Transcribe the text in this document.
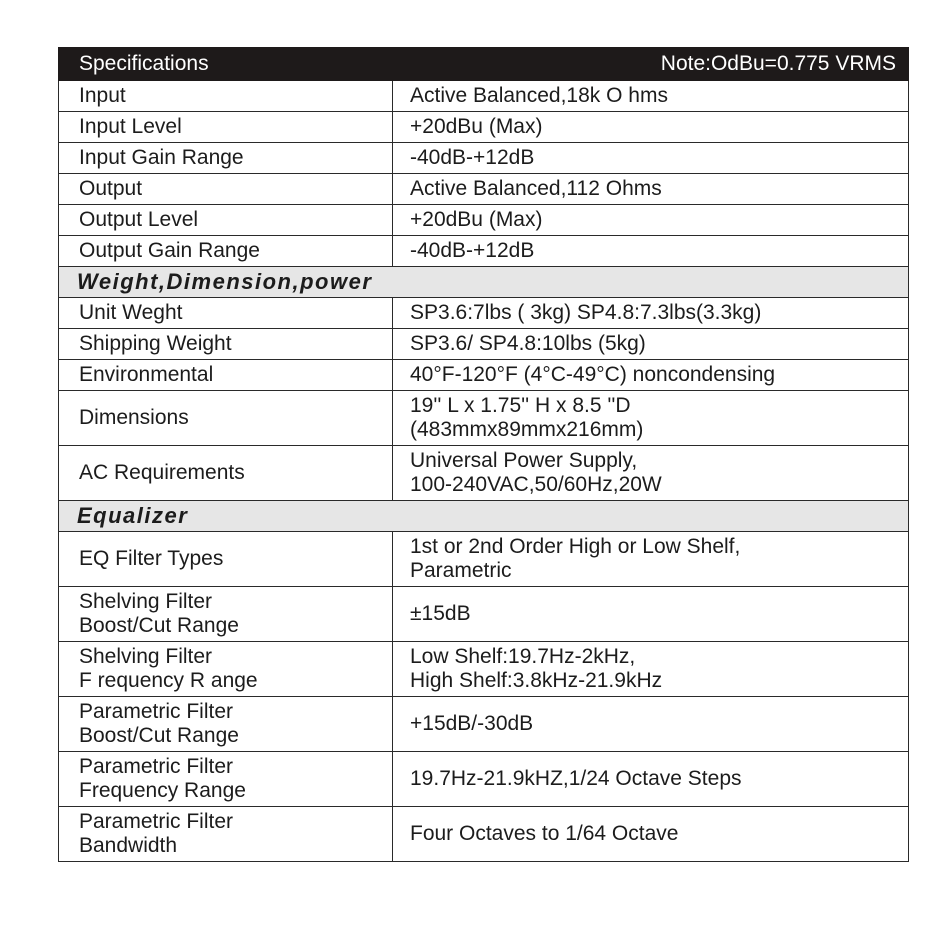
Specifications	Note:OdBu=0.775 VRMS
Input	Active Balanced,18k O hms
Input Level	+20dBu (Max)
Input Gain Range	-40dB-+12dB
Output	Active Balanced,112 Ohms
Output Level	+20dBu (Max)
Output Gain Range	-40dB-+12dB
Weight,Dimension,power	
Unit Weght	SP3.6:7lbs ( 3kg) SP4.8:7.3lbs(3.3kg)
Shipping Weight	SP3.6/ SP4.8:10lbs (5kg)
Environmental	40°F-120°F (4°C-49°C) noncondensing
Dimensions	19'' L x 1.75'' H x 8.5 ''D
(483mmx89mmx216mm)
AC Requirements	Universal Power Supply,
100-240VAC,50/60Hz,20W
Equalizer	
EQ Filter Types	1st or 2nd Order High or Low Shelf,
Parametric
Shelving Filter
Boost/Cut Range	±15dB
Shelving Filter
F requency R ange	Low Shelf:19.7Hz-2kHz,
High Shelf:3.8kHz-21.9kHz
Parametric Filter
Boost/Cut Range	+15dB/-30dB
Parametric Filter
Frequency Range	19.7Hz-21.9kHZ,1/24 Octave Steps
Parametric Filter
Bandwidth	Four Octaves to 1/64 Octave
